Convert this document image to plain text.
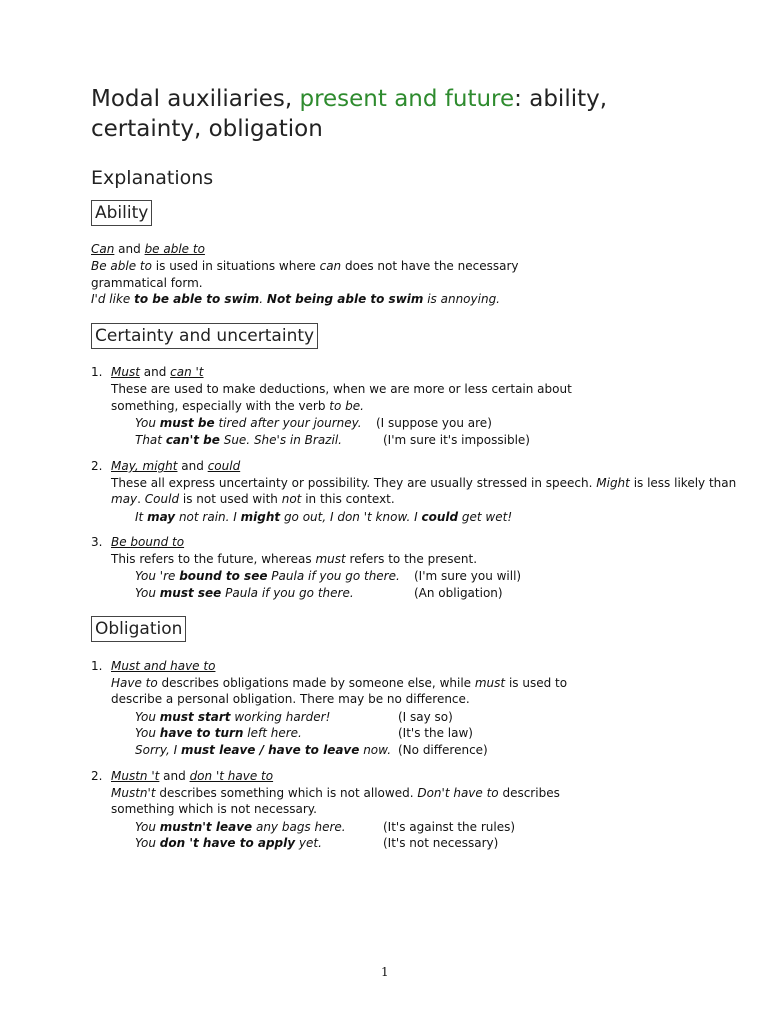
Modal auxiliaries, present and future: ability,
certainty, obligation
Explanations
Ability
Can and be able to
Be able to is used in situations where can does not have the necessary
grammatical form.
I'd like to be able to swim. Not being able to swim is annoying.
Certainty and uncertainty
1. Must and can 't
These are used to make deductions, when we are more or less certain about
something, especially with the verb to be.
You must be tired after your journey. (I suppose you are)
That can't be Sue. She's in Brazil.	(I'm sure it's impossible)
2. May, might and could
These all express uncertainty or possibility. They are usually stressed in speech. Might is less likely than
may. Could is not used with not in this context.
It may not rain. I might go out, I don 't know. I could get wet!
3. Be bound to
This refers to the future, whereas must refers to the present.
You 're bound to see Paula if you go there. (I'm sure you will)
You must see Paula if you go there.	(An obligation)
Obligation
1. Must and have to
Have to describes obligations made by someone else, while must is used to
describe a personal obligation. There may be no difference.
You must start working harder!	(I say so)
You have to turn left here.	(It's the law)
Sorry, I must leave / have to leave now. (No difference)
2. Mustn 't and don 't have to
Mustn't describes something which is not allowed. Don't have to describes
something which is not necessary.
You mustn't leave any bags here.	(It's against the rules)
You don 't have to apply yet.	(It's not necessary)
1
